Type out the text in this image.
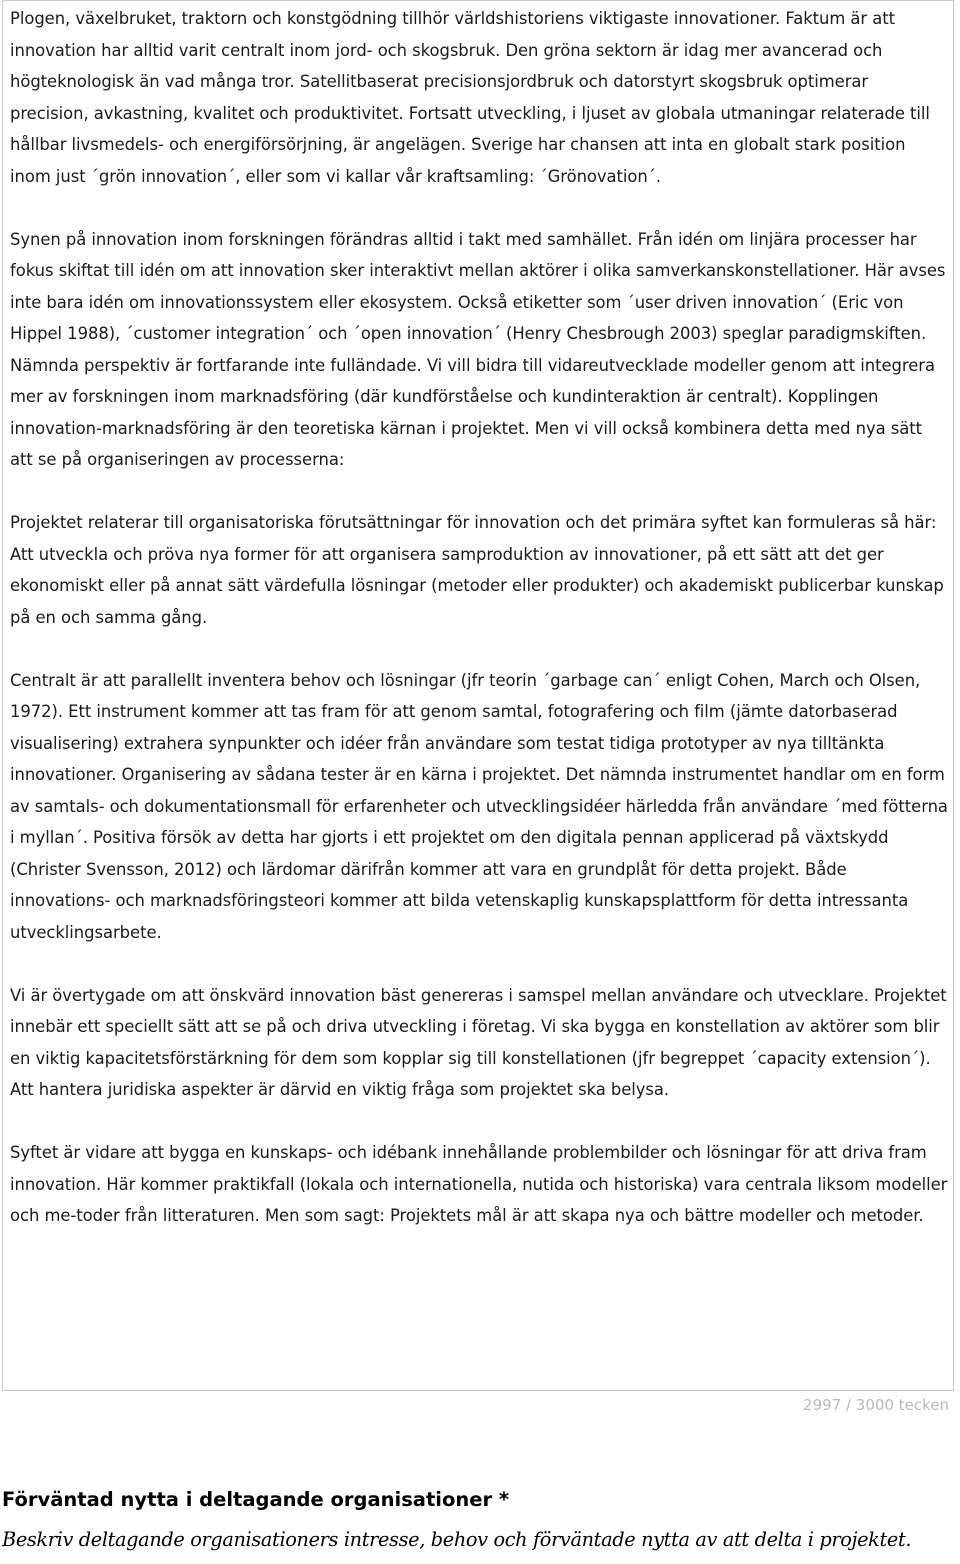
Plogen, växelbruket, traktorn och konstgödning tillhör världshistoriens viktigaste innovationer. Faktum är att innovation har alltid varit centralt inom jord- och skogsbruk. Den gröna sektorn är idag mer avancerad och högteknologisk än vad många tror. Satellitbaserat precisionsjordbruk och datorstyrt skogsbruk optimerar precision, avkastning, kvalitet och produktivitet. Fortsatt utveckling, i ljuset av globala utmaningar relaterade till hållbar livsmedels- och energiförsörjning, är angelägen. Sverige har chansen att inta en globalt stark position inom just ´grön innovation´, eller som vi kallar vår kraftsamling: ´Grönovation´.

Synen på innovation inom forskningen förändras alltid i takt med samhället. Från idén om linjära processer har fokus skiftat till idén om att innovation sker interaktivt mellan aktörer i olika samverkanskonstellationer. Här avses inte bara idén om innovationssystem eller ekosystem. Också etiketter som ´user driven innovation´ (Eric von Hippel 1988), ´customer integration´ och ´open innovation´ (Henry Chesbrough 2003) speglar paradigmskiften. Nämnda perspektiv är fortfarande inte fulländade. Vi vill bidra till vidareutvecklade modeller genom att integrera mer av forskningen inom marknadsföring (där kundförståelse och kundinteraktion är centralt). Kopplingen innovation-marknadsföring är den teoretiska kärnan i projektet. Men vi vill också kombinera detta med nya sätt att se på organiseringen av processerna:

Projektet relaterar till organisatoriska förutsättningar för innovation och det primära syftet kan formuleras så här: Att utveckla och pröva nya former för att organisera samproduktion av innovationer, på ett sätt att det ger ekonomiskt eller på annat sätt värdefulla lösningar (metoder eller produkter) och akademiskt publicerbar kunskap på en och samma gång.

Centralt är att parallellt inventera behov och lösningar (jfr teorin ´garbage can´ enligt Cohen, March och Olsen, 1972). Ett instrument kommer att tas fram för att genom samtal, fotografering och film (jämte datorbaserad visualisering) extrahera synpunkter och idéer från användare som testat tidiga prototyper av nya tilltänkta innovationer. Organisering av sådana tester är en kärna i projektet. Det nämnda instrumentet handlar om en form av samtals- och dokumentationsmall för erfarenheter och utvecklingsidéer härledda från användare ´med fötterna i myllan´. Positiva försök av detta har gjorts i ett projektet om den digitala pennan applicerad på växtskydd (Christer Svensson, 2012) och lärdomar därifrån kommer att vara en grundplåt för detta projekt. Både innovations- och marknadsföringsteori kommer att bilda vetenskaplig kunskapsplattform för detta intressanta utvecklingsarbete.

Vi är övertygade om att önskvärd innovation bäst genereras i samspel mellan användare och utvecklare. Projektet innebär ett speciellt sätt att se på och driva utveckling i företag. Vi ska bygga en konstellation av aktörer som blir en viktig kapacitetsförstärkning för dem som kopplar sig till konstellationen (jfr begreppet ´capacity extension´). Att hantera juridiska aspekter är därvid en viktig fråga som projektet ska belysa.

Syftet är vidare att bygga en kunskaps- och idébank innehållande problembilder och lösningar för att driva fram innovation. Här kommer praktikfall (lokala och internationella, nutida och historiska) vara centrala liksom modeller och me-toder från litteraturen. Men som sagt: Projektets mål är att skapa nya och bättre modeller och metoder.

2997 / 3000 tecken
Förväntad nytta i deltagande organisationer *

Beskriv deltagande organisationers intresse, behov och förväntade nytta av att delta i projektet.
